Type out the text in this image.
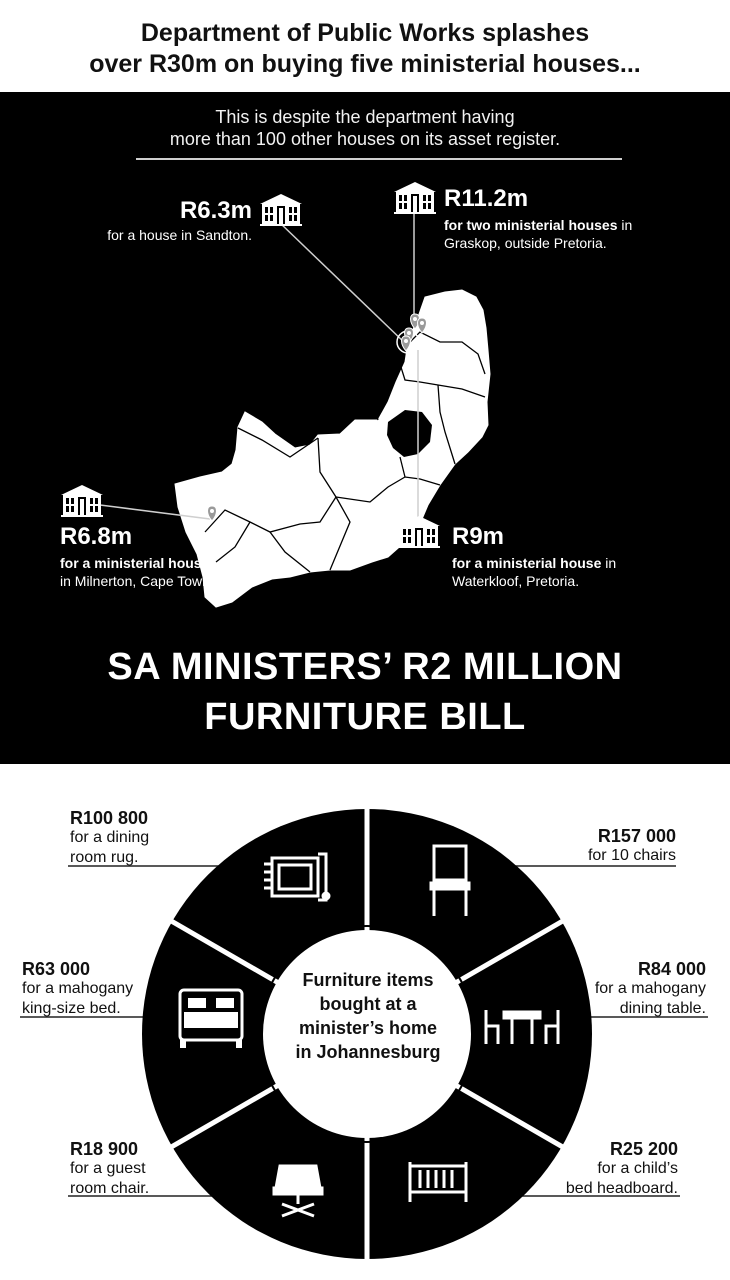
Department of Public Works splashes
over R30m on buying five ministerial houses...
This is despite the department having
more than 100 other houses on its asset register.
R6.3m
for a house in Sandton.
R11.2m
for two ministerial houses in
Graskop, outside Pretoria.
R6.8m
for a ministerial house
in Milnerton, Cape Town.
R9m
for a ministerial house in
Waterkloof, Pretoria.
SA MINISTERS’ R2 MILLION
FURNITURE BILL
Furniture items
bought at a
minister’s home
in Johannesburg
R100 800
for a dining
room rug.
R157 000
for 10 chairs
R63 000
for a mahogany
king-size bed.
R84 000
for a mahogany
dining table.
R18 900
for a guest
room chair.
R25 200
for a child’s
bed headboard.
